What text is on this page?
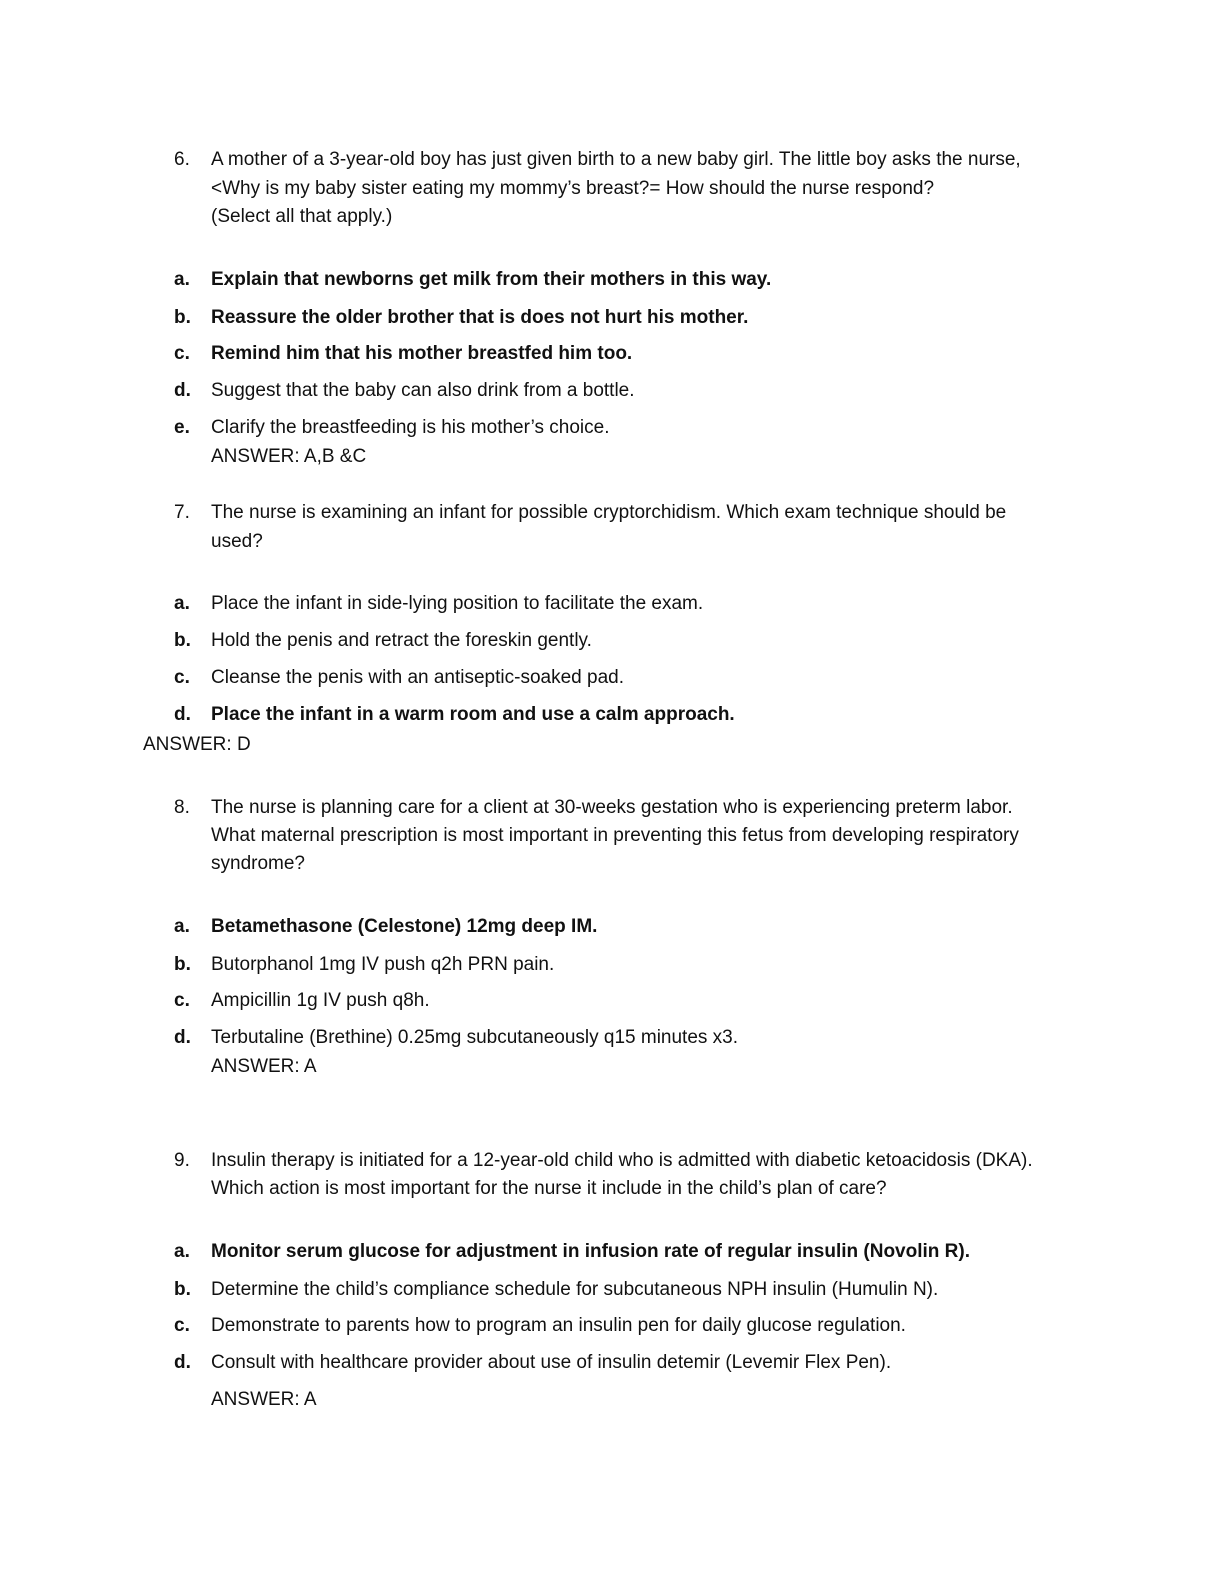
6.	A mother of a 3-year-old boy has just given birth to a new baby girl. The little boy asks the nurse,
<Why is my baby sister eating my mommy’s breast?= How should the nurse respond?
(Select all that apply.)
a.	Explain that newborns get milk from their mothers in this way.
b.	Reassure the older brother that is does not hurt his mother.
c.	Remind him that his mother breastfed him too.
d.	Suggest that the baby can also drink from a bottle.
e.	Clarify the breastfeeding is his mother’s choice.
ANSWER: A,B &C
7.	The nurse is examining an infant for possible cryptorchidism. Which exam technique should be
used?
a.	Place the infant in side-lying position to facilitate the exam.
b.	Hold the penis and retract the foreskin gently.
c.	Cleanse the penis with an antiseptic-soaked pad.
d.	Place the infant in a warm room and use a calm approach.
ANSWER: D
8.	The nurse is planning care for a client at 30-weeks gestation who is experiencing preterm labor.
What maternal prescription is most important in preventing this fetus from developing respiratory
syndrome?
a.	Betamethasone (Celestone) 12mg deep IM.
b.	Butorphanol 1mg IV push q2h PRN pain.
c.	Ampicillin 1g IV push q8h.
d.	Terbutaline (Brethine) 0.25mg subcutaneously q15 minutes x3.
ANSWER: A
9.	Insulin therapy is initiated for a 12-year-old child who is admitted with diabetic ketoacidosis (DKA).
Which action is most important for the nurse it include in the child’s plan of care?
a.	Monitor serum glucose for adjustment in infusion rate of regular insulin (Novolin R).
b.	Determine the child’s compliance schedule for subcutaneous NPH insulin (Humulin N).
c.	Demonstrate to parents how to program an insulin pen for daily glucose regulation.
d.	Consult with healthcare provider about use of insulin detemir (Levemir Flex Pen).
ANSWER: A
